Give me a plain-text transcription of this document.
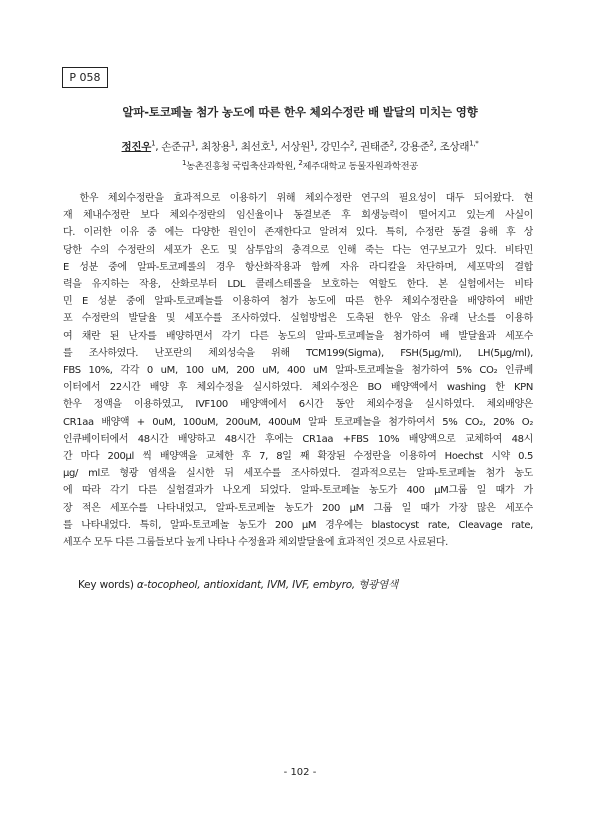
P 058
알파-토코페놀 첨가 농도에 따른 한우 체외수정란 배 발달의 미치는 영향
정진우$^1$, 손준규$^1$, 최창용$^1$, 최선호$^1$, 서상원$^1$, 강민수$^2$, 권태준$^2$, 강용준$^2$, 조상래$^{1,*}$
$^1$농촌진흥청 국립축산과학원, $^2$제주대학교 동물자원과학전공
　한우 체외수정란을 효과적으로 이용하기 위해 체외수정란 연구의 필요성이 대두 되어왔다. 현
재 체내수정란 보다 체외수정란의 임신율이나 동결보존 후 회생능력이 떨어지고 있는게 사실이
다. 이러한 이유 중 에는 다양한 원인이 존재한다고 알려져 있다. 특히, 수정란 동결 융해 후 상
당한 수의 수정란의 세포가 온도 및 삼투압의 충격으로 인해 죽는 다는 연구보고가 있다. 비타민
E 성분 중에 알파-토코페롤의 경우 항산화작용과 함께 자유 라디칼을 차단하며, 세포막의 결합
력을 유지하는 작용, 산화로부터 LDL 콜레스테롤을 보호하는 역할도 한다. 본 실험에서는 비타
민 E 성분 중에 알파-토코페놀를 이용하여 첨가 농도에 따른 한우 체외수정란을 배양하여 배반
포 수정란의 발달율 및 세포수를 조사하였다. 실험방법은 도축된 한우 암소 유래 난소를 이용하
여 채란 된 난자를 배양하면서 각기 다른 농도의 알파-토코페놀을 첨가하여 배 발달율과 세포수
를 조사하였다. 난포란의 체외성숙을 위해 TCM199(Sigma), FSH(5μg/ml), LH(5μg/ml),
FBS 10%, 각각 0 uM, 100 uM, 200 uM, 400 uM 알파-토코페놀을 첨가하여 5% CO₂ 인큐베
이터에서 22시간 배양 후 체외수정을 실시하였다. 체외수정은 BO 배양액에서 washing 한 KPN
한우 정액을 이용하였고, IVF100 배양액에서 6시간 동안 체외수정을 실시하였다. 체외배양은
CR1aa 배양액 + 0uM, 100uM, 200uM, 400uM 알파 토코페놀을 첨가하여서 5% CO₂, 20% O₂
인큐베이터에서 48시간 배양하고 48시간 후에는 CR1aa +FBS 10% 배양액으로 교체하여 48시
간 마다 200μl 씩 배양액을 교체한 후 7, 8일 째 확장된 수정란을 이용하여 Hoechst 시약 0.5
μg/ ml로 형광 염색을 실시한 뒤 세포수를 조사하였다. 결과적으로는 알파-토코페놀 첨가 농도
에 따라 각기 다른 실험결과가 나오게 되었다. 알파-토코페놀 농도가 400 μM그룹 일 때가 가
장 적은 세포수를 나타내었고, 알파-토코페놀 농도가 200 μM 그룹 일 때가 가장 많은 세포수
를 나타내었다. 특히, 알파-토코페놀 농도가 200 μM 경우에는 blastocyst rate, Cleavage rate,
세포수 모두 다른 그룹들보다 높게 나타나 수정율과 체외발달율에 효과적인 것으로 사료된다.
Key words) α-tocopheol, antioxidant, IVM, IVF, embyro, 형광염색
- 102 -
